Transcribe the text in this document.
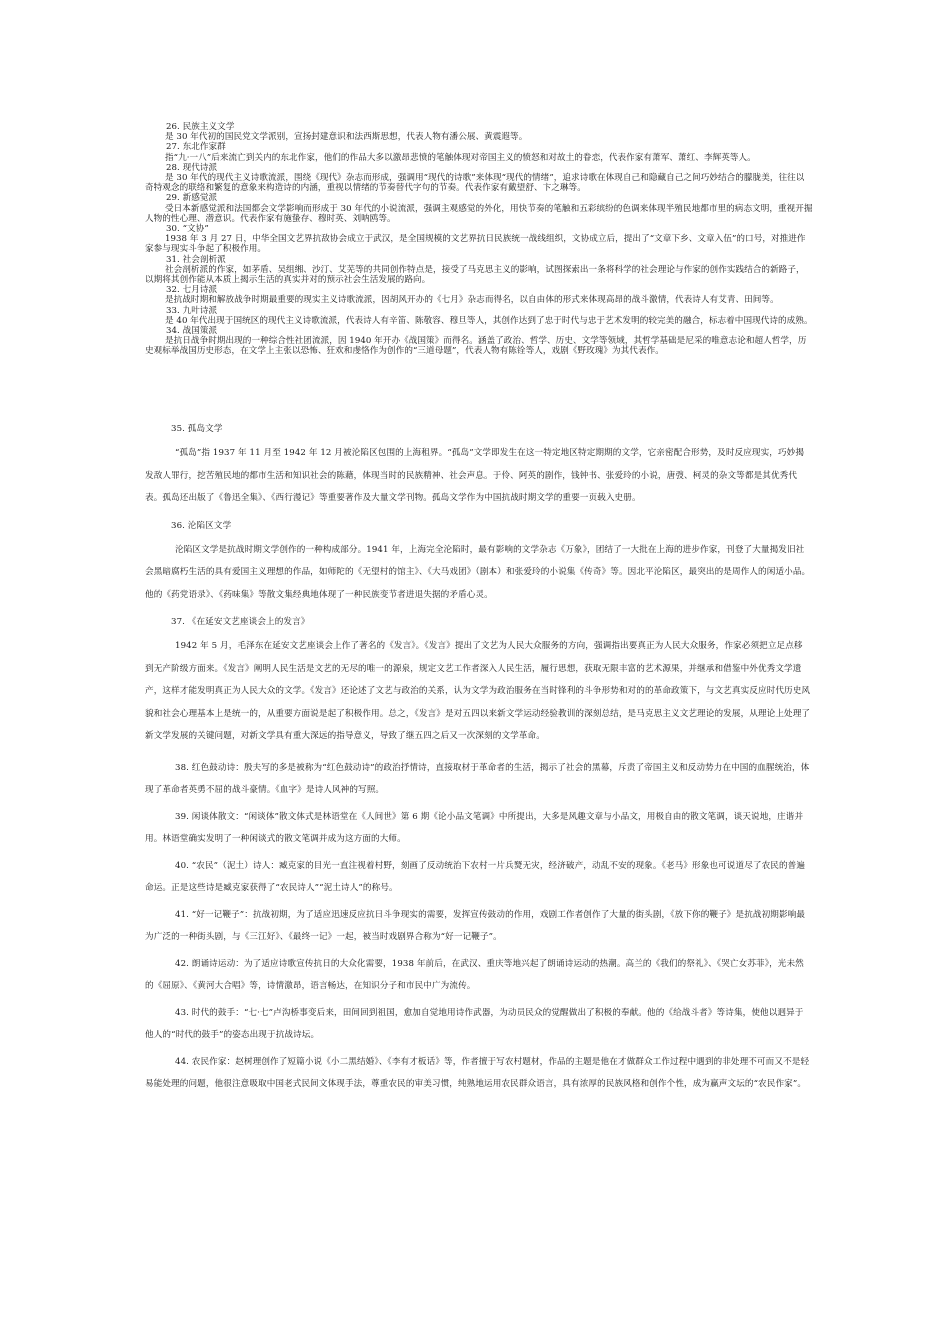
26. 民族主义文学
是 30 年代初的国民党文学派别，宣扬封建意识和法西斯思想，代表人物有潘公展、黄震遐等。
27. 东北作家群
指“九·一八”后来流亡到关内的东北作家，他们的作品大多以激昂悲愤的笔触体现对帝国主义的愤怒和对故土的眷恋，代表作家有萧军、萧红、李辉英等人。
28. 现代诗派
是 30 年代的现代主义诗歌流派，围绕《现代》杂志而形成，强调用“现代的诗歌”来体现“现代的情绪”，追求诗歌在体现自己和隐藏自己之间巧妙结合的朦胧美，往往以奇特观念的联络和繁复的意象来构造诗的内涵，重视以情绪的节奏替代字句的节奏。代表作家有戴望舒、卞之琳等。
29. 新感觉派
受日本新感觉派和法国都会文学影响而形成于 30 年代的小说流派，强调主观感觉的外化，用快节奏的笔触和五彩缤纷的色调来体现半殖民地都市里的病态文明，重视开掘人物的性心理、潜意识。代表作家有施蛰存、穆时英、刘呐鸥等。
30. “文协”
1938 年 3 月 27 日，中华全国文艺界抗敌协会成立于武汉，是全国规模的文艺界抗日民族统一战线组织，文协成立后，提出了“文章下乡、文章入伍”的口号，对推进作家参与现实斗争起了积极作用。
31. 社会剖析派
社会剖析派的作家，如茅盾、吴组缃、沙汀、艾芜等的共同创作特点是，接受了马克思主义的影响，试图探索出一条将科学的社会理论与作家的创作实践结合的新路子，以期将其创作能从本质上揭示生活的真实并对的预示社会生活发展的路向。
32. 七月诗派
是抗战时期和解放战争时期最重要的现实主义诗歌流派，因胡风开办的《七月》杂志而得名，以自由体的形式来体现高昂的战斗激情，代表诗人有艾青、田间等。
33. 九叶诗派
是 40 年代出现于国统区的现代主义诗歌流派，代表诗人有辛笛、陈敬容、穆旦等人，其创作达到了忠于时代与忠于艺术发明的较完美的融合，标志着中国现代诗的成熟。
34. 战国策派
是抗日战争时期出现的一种综合性社团流派，因 1940 年开办《战国策》而得名。涵盖了政治、哲学、历史、文学等领域，其哲学基础是尼采的唯意志论和超人哲学，历史观标举战国历史形态，在文学上主张以恐怖、狂欢和虔恪作为创作的“三道母题”，代表人物有陈铨等人，戏剧《野玫瑰》为其代表作。
35. 孤岛文学

“孤岛”指 1937 年 11 月至 1942 年 12 月被沦陷区包围的上海租界。“孤岛”文学即发生在这一特定地区特定期期的文学，它亲密配合形势，及时反应现实，巧妙揭发敌人罪行，挖苦殖民地的都市生活和知识社会的陈藉，体现当时的民族精神、社会声息。于伶、阿英的剧作，钱钟书、张爱玲的小说，唐弢、柯灵的杂文等都是其优秀代表。孤岛还出版了《鲁迅全集》、《西行漫记》等重要著作及大量文学刊物。孤岛文学作为中国抗战时期文学的重要一页载入史册。

36. 沦陷区文学

沦陷区文学是抗战时期文学创作的一种构成部分。1941 年，上海完全沦陷时，最有影响的文学杂志《万象》，团结了一大批在上海的进步作家，刊登了大量揭发旧社会黑暗腐朽生活的具有爱国主义理想的作品，如师陀的《无望村的馆主》、《大马戏团》（剧本）和张爱玲的小说集《传奇》等。因北平沦陷区，最突出的是周作人的闲适小品。他的《药党语录》、《药味集》等散文集经典地体现了一种民族变节者进退失据的矛盾心灵。

37. 《在延安文艺座谈会上的发言》

1942 年 5 月，毛泽东在延安文艺座谈会上作了著名的《发言》。《发言》提出了文艺为人民大众服务的方向，强调指出要真正为人民大众服务，作家必须把立足点移到无产阶级方面来。《发言》阐明人民生活是文艺的无尽的唯一的源泉，规定文艺工作者深入人民生活，履行思想，获取无限丰富的艺术源果，并继承和借鉴中外优秀文学遗产，这样才能发明真正为人民大众的文学。《发言》还论述了文艺与政治的关系，认为文学为政治服务在当时锋利的斗争形势和对的的革命政策下，与文艺真实反应时代历史风貌和社会心理基本上是统一的，从重要方面说是起了积极作用。总之，《发言》是对五四以来新文学运动经验教训的深刻总结，是马克思主义文艺理论的发展，从理论上处理了新文学发展的关键问题，对新文学具有重大深远的指导意义，导致了继五四之后又一次深刻的文学革命。

38. 红色鼓动诗：殷夫写的多是被称为“红色鼓动诗”的政治抒情诗，直接取材于革命者的生活，揭示了社会的黑幕，斥责了帝国主义和反动势力在中国的血腥统治，体现了革命者英勇不屈的战斗豪情。《血字》是诗人风神的写照。

39. 闲谈体散文：“闲谈体”散文体式是林语堂在《人间世》第 6 期《论小品文笔调》中所提出，大多是风趣文章与小品文，用极自由的散文笔调，谈天说地，庄谐并用。林语堂确实发明了一种闲谈式的散文笔调并成为这方面的大师。

40. “农民”（泥土）诗人：臧克家的目光一直注视着村野，刻画了反动统治下农村一片兵燹无灾，经济破产，动乱不安的现象。《老马》形象也可说道尽了农民的普遍命运。正是这些诗是臧克家获得了“农民诗人”“泥土诗人”的称号。

41. “好一记鞭子”：抗战初期，为了适应迅速反应抗日斗争现实的需要，发挥宣传鼓动的作用，戏剧工作者创作了大量的街头剧，《放下你的鞭子》是抗战初期影响最为广泛的一种街头剧，与《三江好》、《最终一记》一起，被当时戏剧界合称为“好一记鞭子”。

42. 朗诵诗运动：为了适应诗歌宣传抗日的大众化需要，1938 年前后，在武汉、重庆等地兴起了朗诵诗运动的热潮。高兰的《我们的祭礼》、《哭亡女苏菲》，光未然的《屈原》、《黄河大合唱》等，诗情激昂，语言畅达，在知识分子和市民中广为流传。

43. 时代的鼓手：“七·七”卢沟桥事变后来，田间回到祖国，愈加自觉地用诗作武器，为动员民众的觉醒做出了积极的奉献。他的《给战斗者》等诗集，使他以迥异于他人的“时代的鼓手”的姿态出现于抗战诗坛。

44. 农民作家：赵树理创作了短篇小说《小二黑结婚》、《李有才板话》等，作者擅于写农村题材，作品的主题是他在才做群众工作过程中遇到的非处理不可而又不是轻易能处理的问题，他很注意吸取中国老式民间文体现手法，尊重农民的审美习惯，纯熟地运用农民群众语言，具有浓厚的民族风格和创作个性，成为赢声文坛的“农民作家”。
